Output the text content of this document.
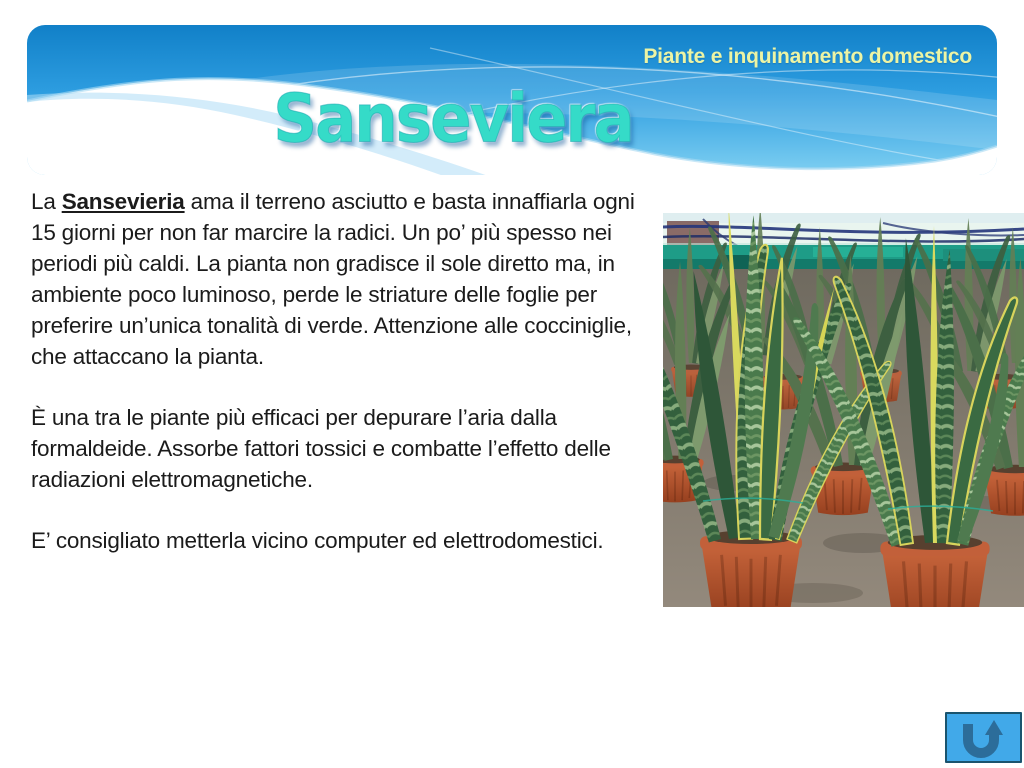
Piante e inquinamento domestico
Sanseviera

La Sansevieria ama il terreno asciutto e basta innaffiarla ogni 15 giorni per non far marcire la radici. Un po’ più spesso nei periodi più caldi. La pianta non gradisce il sole diretto ma, in ambiente poco luminoso, perde le striature delle foglie per preferire un’unica tonalità di verde. Attenzione alle cocciniglie, che attaccano la pianta.

È una tra le piante più efficaci per depurare l’aria dalla formaldeide. Assorbe fattori tossici e combatte l’effetto delle radiazioni elettromagnetiche.

E’ consigliato metterla vicino computer ed elettrodomestici.
